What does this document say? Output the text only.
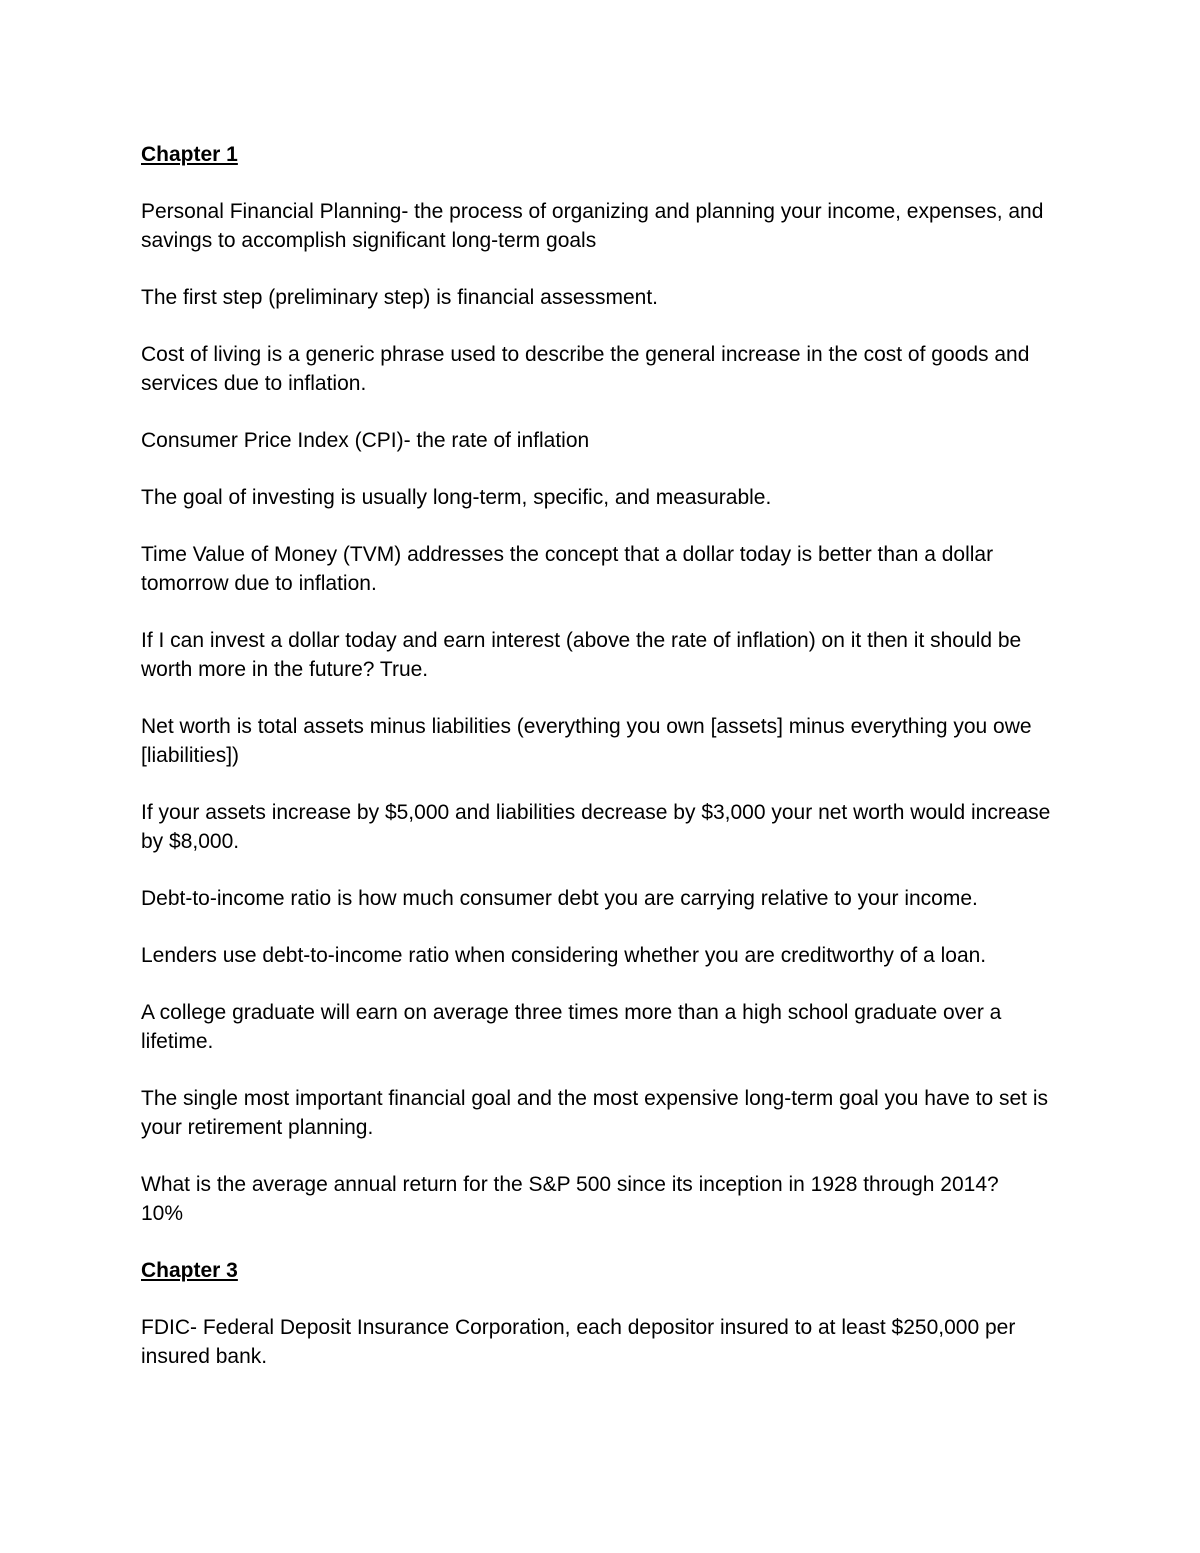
Chapter 1
Personal Financial Planning- the process of organizing and planning your income, expenses, and savings to accomplish significant long-term goals
The first step (preliminary step) is financial assessment.
Cost of living is a generic phrase used to describe the general increase in the cost of goods and services due to inflation.
Consumer Price Index (CPI)- the rate of inflation
The goal of investing is usually long-term, specific, and measurable.
Time Value of Money (TVM) addresses the concept that a dollar today is better than a dollar tomorrow due to inflation.
If I can invest a dollar today and earn interest (above the rate of inflation) on it then it should be worth more in the future? True.
Net worth is total assets minus liabilities (everything you own [assets] minus everything you owe [liabilities])
If your assets increase by $5,000 and liabilities decrease by $3,000 your net worth would increase by $8,000.
Debt-to-income ratio is how much consumer debt you are carrying relative to your income.
Lenders use debt-to-income ratio when considering whether you are creditworthy of a loan.
A college graduate will earn on average three times more than a high school graduate over a lifetime.
The single most important financial goal and the most expensive long-term goal you have to set is your retirement planning.
What is the average annual return for the S&P 500 since its inception in 1928 through 2014?
10%
Chapter 3
FDIC- Federal Deposit Insurance Corporation, each depositor insured to at least $250,000 per insured bank.
